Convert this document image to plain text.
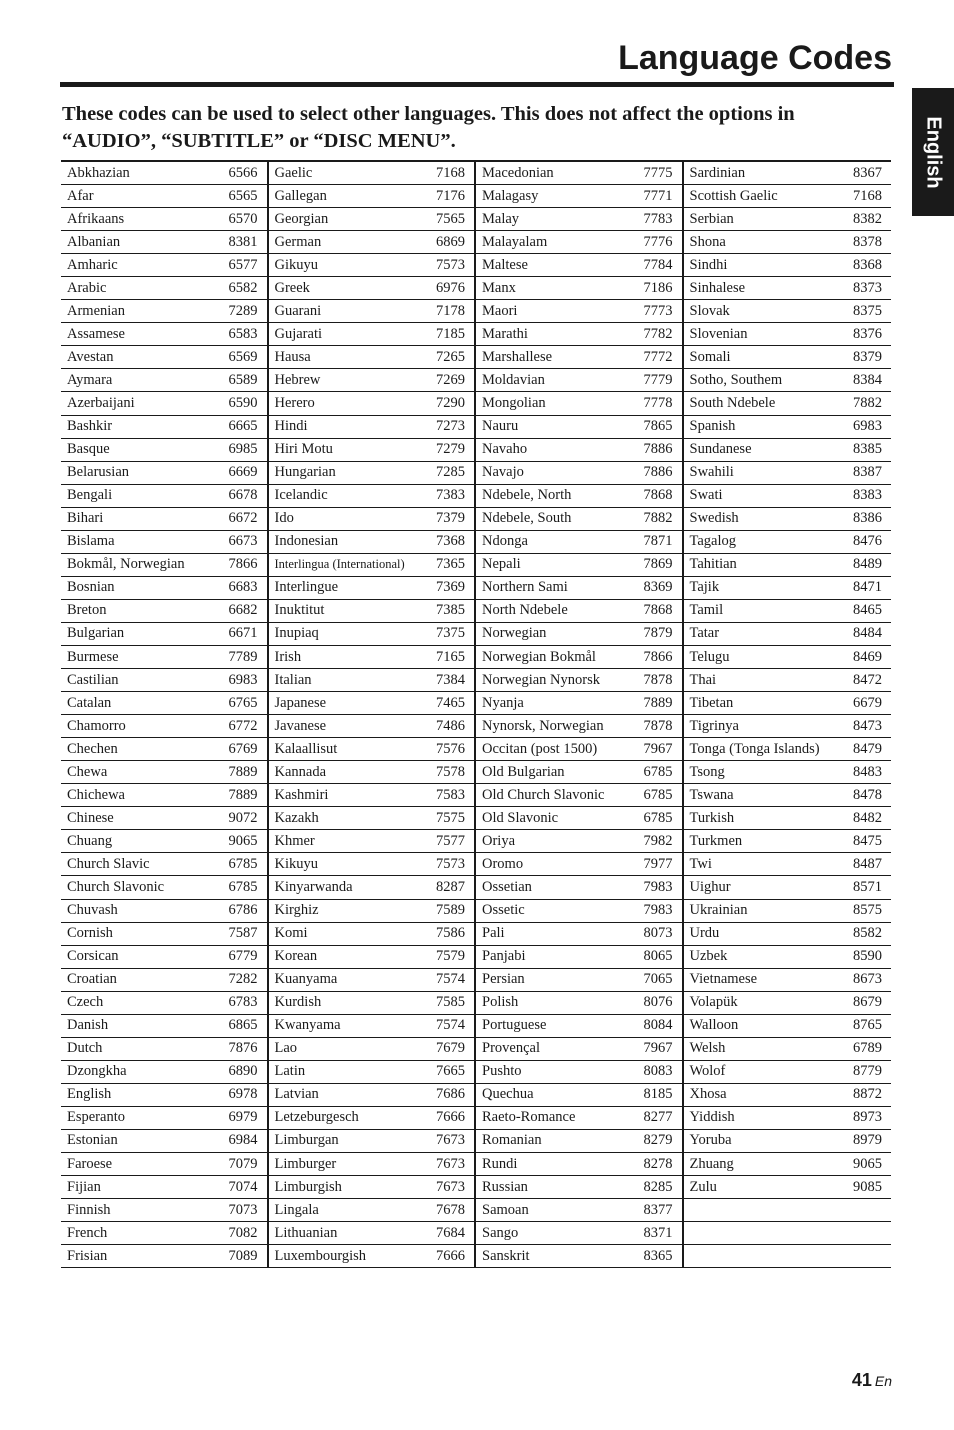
Language Codes
English

These codes can be used to select other languages. This does not affect the options in
“AUDIO”, “SUBTITLE” or “DISC MENU”.

Abkhazian	6566
Afar	6565
Afrikaans	6570
Albanian	8381
Amharic	6577
Arabic	6582
Armenian	7289
Assamese	6583
Avestan	6569
Aymara	6589
Azerbaijani	6590
Bashkir	6665
Basque	6985
Belarusian	6669
Bengali	6678
Bihari	6672
Bislama	6673
Bokmål, Norwegian	7866
Bosnian	6683
Breton	6682
Bulgarian	6671
Burmese	7789
Castilian	6983
Catalan	6765
Chamorro	6772
Chechen	6769
Chewa	7889
Chichewa	7889
Chinese	9072
Chuang	9065
Church Slavic	6785
Church Slavonic	6785
Chuvash	6786
Cornish	7587
Corsican	6779
Croatian	7282
Czech	6783
Danish	6865
Dutch	7876
Dzongkha	6890
English	6978
Esperanto	6979
Estonian	6984
Faroese	7079
Fijian	7074
Finnish	7073
French	7082
Frisian	7089
Gaelic	7168
Gallegan	7176
Georgian	7565
German	6869
Gikuyu	7573
Greek	6976
Guarani	7178
Gujarati	7185
Hausa	7265
Hebrew	7269
Herero	7290
Hindi	7273
Hiri Motu	7279
Hungarian	7285
Icelandic	7383
Ido	7379
Indonesian	7368
Interlingua (International) 7365
Interlingue	7369
Inuktitut	7385
Inupiaq	7375
Irish	7165
Italian	7384
Japanese	7465
Javanese	7486
Kalaallisut	7576
Kannada	7578
Kashmiri	7583
Kazakh	7575
Khmer	7577
Kikuyu	7573
Kinyarwanda	8287
Kirghiz	7589
Komi	7586
Korean	7579
Kuanyama	7574
Kurdish	7585
Kwanyama	7574
Lao	7679
Latin	7665
Latvian	7686
Letzeburgesch	7666
Limburgan	7673
Limburger	7673
Limburgish	7673
Lingala	7678
Lithuanian	7684
Luxembourgish	7666
Macedonian	7775
Malagasy	7771
Malay	7783
Malayalam	7776
Maltese	7784
Manx	7186
Maori	7773
Marathi	7782
Marshallese	7772
Moldavian	7779
Mongolian	7778
Nauru	7865
Navaho	7886
Navajo	7886
Ndebele, North	7868
Ndebele, South	7882
Ndonga	7871
Nepali	7869
Northern Sami	8369
North Ndebele	7868
Norwegian	7879
Norwegian Bokmål	7866
Norwegian Nynorsk	7878
Nyanja	7889
Nynorsk, Norwegian	7878
Occitan (post 1500)	7967
Old Bulgarian	6785
Old Church Slavonic	6785
Old Slavonic	6785
Oriya	7982
Oromo	7977
Ossetian	7983
Ossetic	7983
Pali	8073
Panjabi	8065
Persian	7065
Polish	8076
Portuguese	8084
Provençal	7967
Pushto	8083
Quechua	8185
Raeto-Romance	8277
Romanian	8279
Rundi	8278
Russian	8285
Samoan	8377
Sango	8371
Sanskrit	8365
Sardinian	8367
Scottish Gaelic	7168
Serbian	8382
Shona	8378
Sindhi	8368
Sinhalese	8373
Slovak	8375
Slovenian	8376
Somali	8379
Sotho, Southem	8384
South Ndebele	7882
Spanish	6983
Sundanese	8385
Swahili	8387
Swati	8383
Swedish	8386
Tagalog	8476
Tahitian	8489
Tajik	8471
Tamil	8465
Tatar	8484
Telugu	8469
Thai	8472
Tibetan	6679
Tigrinya	8473
Tonga (Tonga Islands) 8479
Tsong	8483
Tswana	8478
Turkish	8482
Turkmen	8475
Twi	8487
Uighur	8571
Ukrainian	8575
Urdu	8582
Uzbek	8590
Vietnamese	8673
Volapük	8679
Walloon	8765
Welsh	6789
Wolof	8779
Xhosa	8872
Yiddish	8973
Yoruba	8979
Zhuang	9065
Zulu	9085
41 En
